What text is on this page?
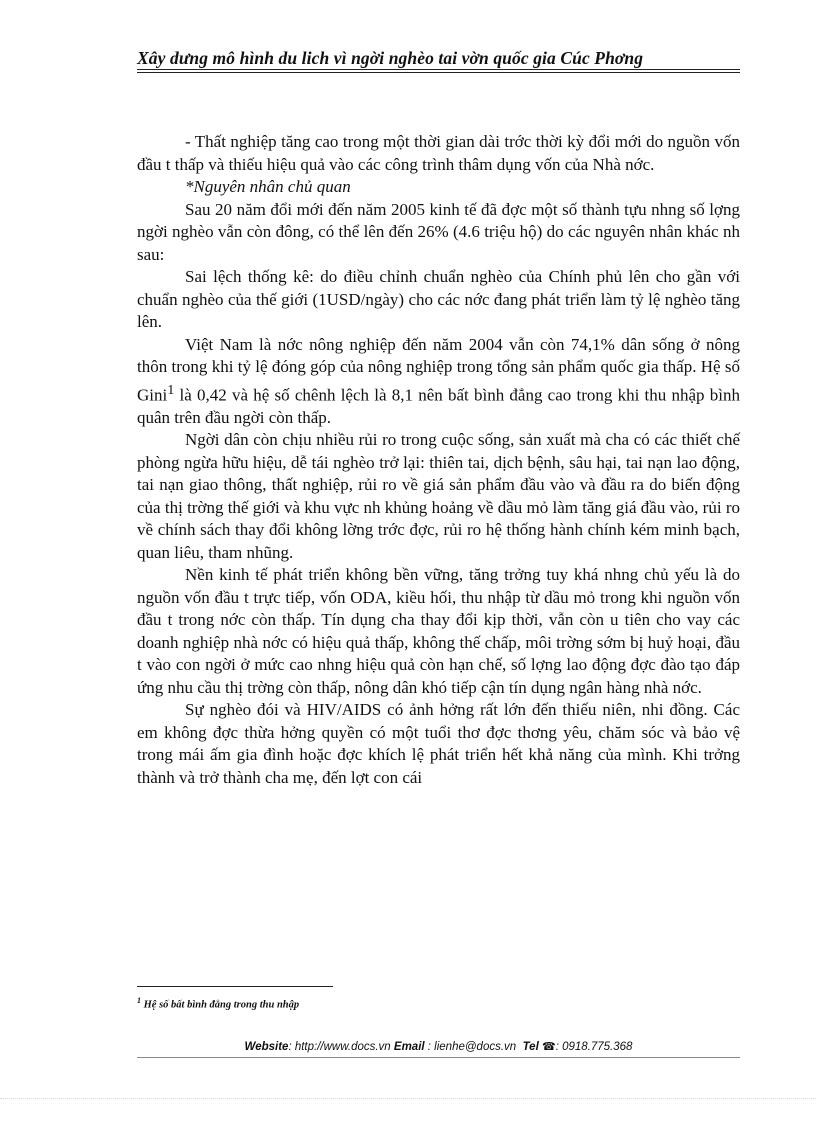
Xây dưng mô hình du lich vì ngời nghèo tai vờn quốc gia Cúc Phơng

- Thất nghiệp tăng cao trong một thời gian dài trớc thời kỳ đổi mới do nguồn vốn đầu t thấp và thiếu hiệu quả vào các công trình thâm dụng vốn của Nhà nớc.

*Nguyên nhân chủ quan

Sau 20 năm đổi mới đến năm 2005 kinh tế đã đợc một số thành tựu nhng số lợng ngời nghèo vẫn còn đông, có thể lên đến 26% (4.6 triệu hộ) do các nguyên nhân khác nh sau:

Sai lệch thống kê: do điều chỉnh chuẩn nghèo của Chính phủ lên cho gần với chuẩn nghèo của thế giới (1USD/ngày) cho các nớc đang phát triển làm tỷ lệ nghèo tăng lên.

Việt Nam là nớc nông nghiệp đến năm 2004 vẫn còn 74,1% dân sống ở nông thôn trong khi tỷ lệ đóng góp của nông nghiệp trong tổng sản phẩm quốc gia thấp. Hệ số Gini$^1$ là 0,42 và hệ số chênh lệch là 8,1 nên bất bình đẳng cao trong khi thu nhập bình quân trên đầu ngời còn thấp.

Ngời dân còn chịu nhiều rủi ro trong cuộc sống, sản xuất mà cha có các thiết chế phòng ngừa hữu hiệu, dễ tái nghèo trở lại: thiên tai, dịch bệnh, sâu hại, tai nạn lao động, tai nạn giao thông, thất nghiệp, rủi ro về giá sản phẩm đầu vào và đầu ra do biến động của thị trờng thế giới và khu vực nh khủng hoảng về dầu mỏ làm tăng giá đầu vào, rủi ro về chính sách thay đổi không lờng trớc đợc, rủi ro hệ thống hành chính kém minh bạch, quan liêu, tham nhũng.

Nền kinh tế phát triển không bền vững, tăng trởng tuy khá nhng chủ yếu là do nguồn vốn đầu t trực tiếp, vốn ODA, kiều hối, thu nhập từ dầu mỏ trong khi nguồn vốn đầu t trong nớc còn thấp. Tín dụng cha thay đổi kịp thời, vẫn còn u tiên cho vay các doanh nghiệp nhà nớc có hiệu quả thấp, không thế chấp, môi trờng sớm bị huỷ hoại, đầu t vào con ngời ở mức cao nhng hiệu quả còn hạn chế, số lợng lao động đợc đào tạo đáp ứng nhu cầu thị trờng còn thấp, nông dân khó tiếp cận tín dụng ngân hàng nhà nớc.

Sự nghèo đói và HIV/AIDS có ảnh hởng rất lớn đến thiếu niên, nhi đồng. Các em không đợc thừa hởng quyền có một tuổi thơ đợc thơng yêu, chăm sóc và bảo vệ trong mái ấm gia đình hoặc đợc khích lệ phát triển hết khả năng của mình. Khi trởng thành và trở thành cha mẹ, đến lợt con cái

$^1$ Hệ số bất bình đẳng trong thu nhập
Website: http://www.docs.vn Email : lienhe@docs.vn Tel ☎: 0918.775.368
